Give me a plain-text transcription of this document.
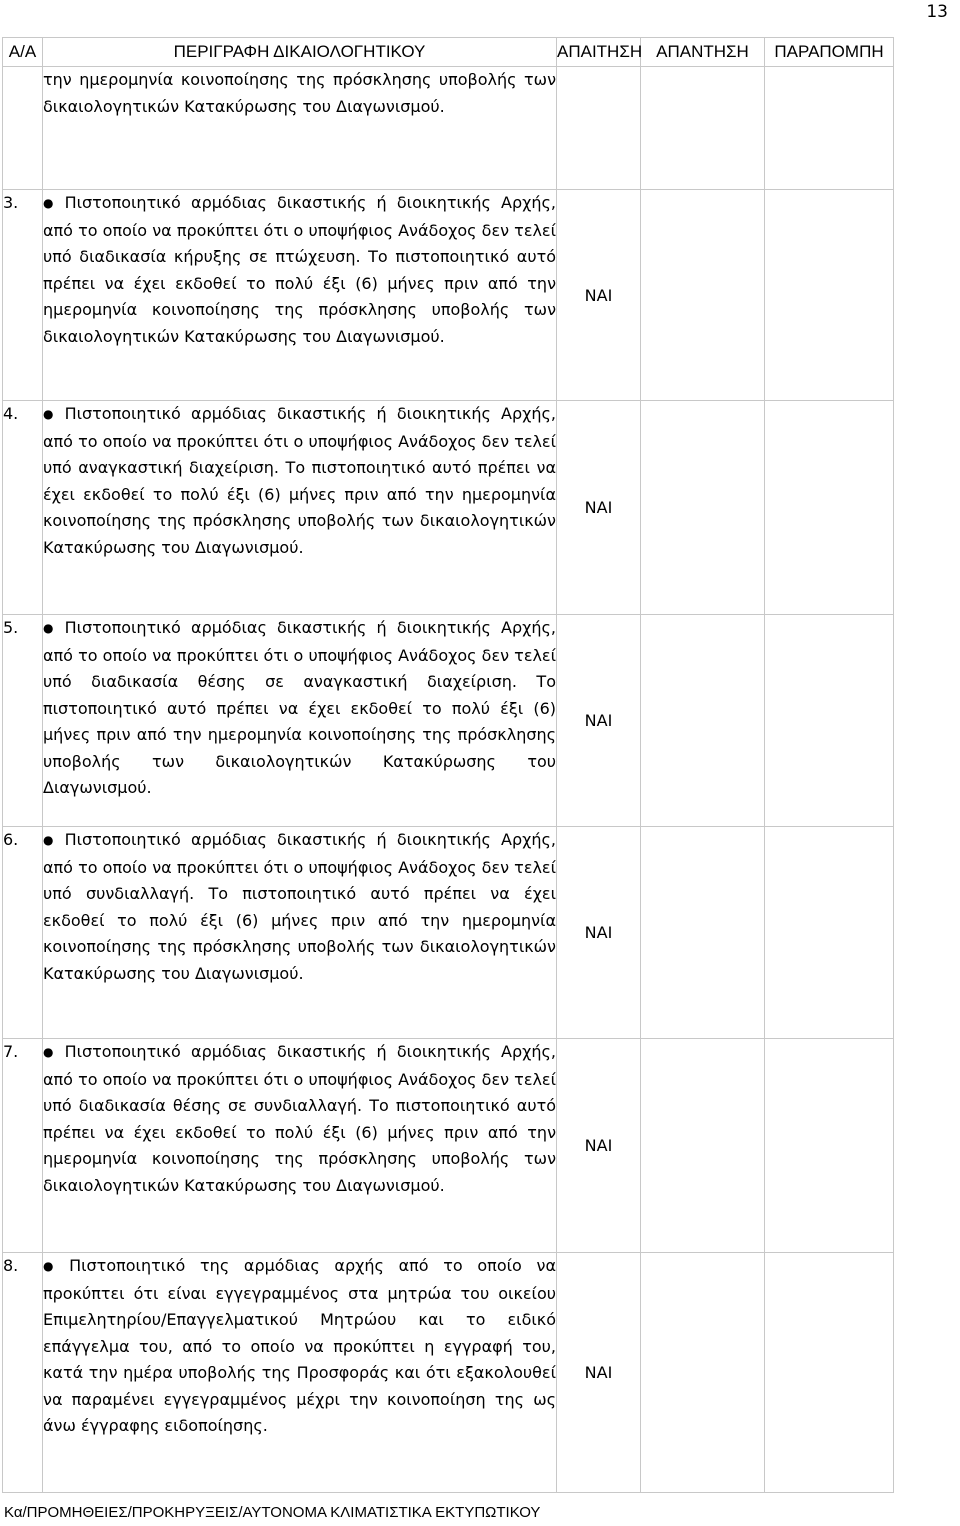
13
Α/Α	ΠΕΡΙΓΡΑΦΗ ΔΙΚΑΙΟΛΟΓΗΤΙΚΟΥ	ΑΠΑΙΤΗΣΗ	ΑΠΑΝΤΗΣΗ	ΠΑΡΑΠΟΜΠΗ
	την ημερομηνία κοινοποίησης της πρόσκλησης υποβολής των δικαιολογητικών Κατακύρωσης του Διαγωνισμού.			
3.	● Πιστοποιητικό αρμόδιας δικαστικής ή διοικητικής Αρχής, από το οποίο να προκύπτει ότι ο υποψήφιος Ανάδοχος δεν τελεί υπό διαδικασία κήρυξης σε πτώχευση. Το πιστοποιητικό αυτό πρέπει να έχει εκδοθεί το πολύ έξι (6) μήνες πριν από την ημερομηνία κοινοποίησης της πρόσκλησης υποβολής των δικαιολογητικών Κατακύρωσης του Διαγωνισμού.	ΝΑΙ		
4.	● Πιστοποιητικό αρμόδιας δικαστικής ή διοικητικής Αρχής, από το οποίο να προκύπτει ότι ο υποψήφιος Ανάδοχος δεν τελεί υπό αναγκαστική διαχείριση. Το πιστοποιητικό αυτό πρέπει να έχει εκδοθεί το πολύ έξι (6) μήνες πριν από την ημερομηνία κοινοποίησης της πρόσκλησης υποβολής των δικαιολογητικών Κατακύρωσης του Διαγωνισμού.	ΝΑΙ		
5.	● Πιστοποιητικό αρμόδιας δικαστικής ή διοικητικής Αρχής, από το οποίο να προκύπτει ότι ο υποψήφιος Ανάδοχος δεν τελεί υπό διαδικασία θέσης σε αναγκαστική διαχείριση. Το πιστοποιητικό αυτό πρέπει να έχει εκδοθεί το πολύ έξι (6) μήνες πριν από την ημερομηνία κοινοποίησης της πρόσκλησης υποβολής των δικαιολογητικών Κατακύρωσης του Διαγωνισμού.	ΝΑΙ		
6.	● Πιστοποιητικό αρμόδιας δικαστικής ή διοικητικής Αρχής, από το οποίο να προκύπτει ότι ο υποψήφιος Ανάδοχος δεν τελεί υπό συνδιαλλαγή. Το πιστοποιητικό αυτό πρέπει να έχει εκδοθεί το πολύ έξι (6) μήνες πριν από την ημερομηνία κοινοποίησης της πρόσκλησης υποβολής των δικαιολογητικών Κατακύρωσης του Διαγωνισμού.	ΝΑΙ		
7.	● Πιστοποιητικό αρμόδιας δικαστικής ή διοικητικής Αρχής, από το οποίο να προκύπτει ότι ο υποψήφιος Ανάδοχος δεν τελεί υπό διαδικασία θέσης σε συνδιαλλαγή. Το πιστοποιητικό αυτό πρέπει να έχει εκδοθεί το πολύ έξι (6) μήνες πριν από την ημερομηνία κοινοποίησης της πρόσκλησης υποβολής των δικαιολογητικών Κατακύρωσης του Διαγωνισμού.	ΝΑΙ		
8.	● Πιστοποιητικό της αρμόδιας αρχής από το οποίο να προκύπτει ότι είναι εγγεγραμμένος στα μητρώα του οικείου Επιμελητηρίου/Επαγγελματικού Μητρώου και το ειδικό επάγγελμα του, από το οποίο να προκύπτει η εγγραφή του, κατά την ημέρα υποβολής της Προσφοράς και ότι εξακολουθεί να παραμένει εγγεγραμμένος μέχρι την κοινοποίηση της ως άνω έγγραφης ειδοποίησης.	ΝΑΙ		
Κα/ΠΡΟΜΗΘΕΙΕΣ/ΠΡΟΚΗΡΥΞΕΙΣ/ΑΥΤΟΝΟΜΑ ΚΛΙΜΑΤΙΣΤΙΚΑ ΕΚΤΥΠΩΤΙΚΟΥ
